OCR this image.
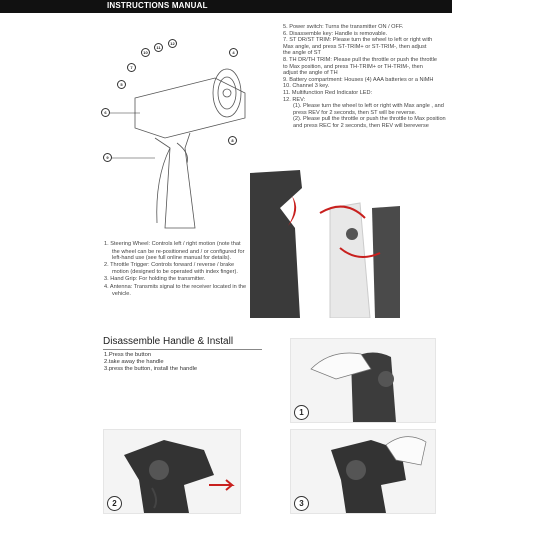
INSTRUCTIONS MANUAL
5. Power switch: Turns the transmitter ON / OFF.
6. Disassemble key: Handle is removable.
7. ST DR/ST TRIM: Please turn the wheel to left or right with
Max angle, and press ST-TRIM+ or ST-TRIM-, then adjust
the angle of ST
8. TH DR/TH TRIM: Please pull the throttle or push the throttle
to Max position, and press TH-TRIM+ or TH-TRIM-, then
adjust the angle of TH
9. Battery compartment: Houses (4) AAA batteries or a NiMH
10. Channel 3 key.
11. Multifunction Red Indicator LED:
12. REV:
(1). Please turn the wheel to left or right with Max angle , and
press REV for 2 seconds, then ST will be reverse.
(2). Please pull the throttle or push the throttle to Max position
and press REC for 2 seconds, then REV will bereverse
10
11
12
4
7
5
6
9
8
1. Steering Wheel: Controls left / right motion (note that
the wheel can be re-positioned and / or configured for
left-hand use (see full online manual for details).
2. Throttle Trigger: Controls forward / reverse / brake
motion (designed to be operated with index finger).
3. Hand Grip: For holding the transmitter.
4. Antenna: Transmits signal to the receiver located in the
vehicle.
Disassemble Handle & Install
1.Press the button
2.take away the handle
3.press the button, install the handle
1
2	3
